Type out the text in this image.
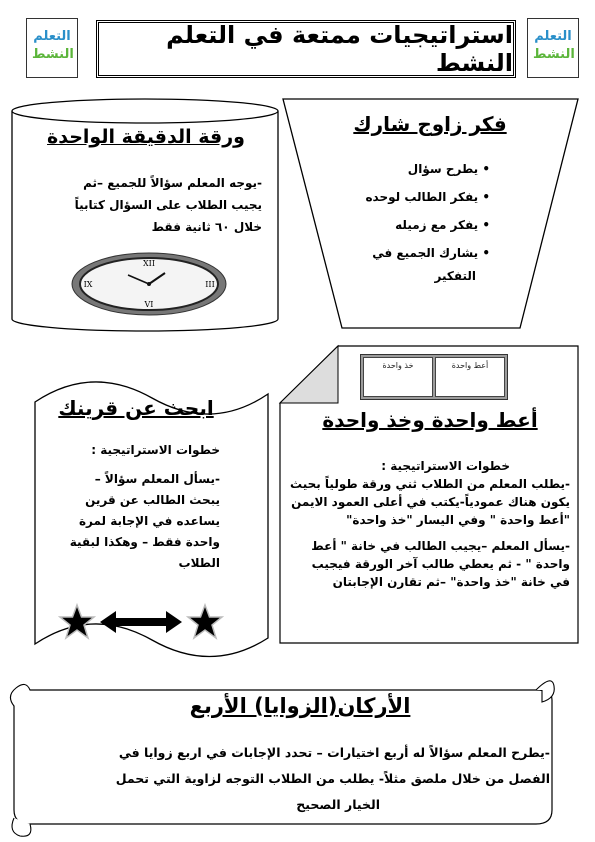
التعلم
النشط
استراتيجيات ممتعة في التعلم النشط
التعلم
النشط
ورقة الدقيقة الواحدة
-يوجه المعلم سؤالاً للجميع –ثم
يجيب الطلاب على السؤال كتابياً
خلال ٦٠ ثانية فقط
XII
III
VI
IX
فكر زاوج شارك
• يطرح سؤال
• يفكر الطالب لوحده
• يفكر مع زميله
• يشارك الجميع في
التفكير
خذ واحدة	أعط واحدة
أعط واحدة وخذ واحدة
خطوات الاستراتيجية :
-يطلب المعلم من الطلاب ثني ورقة طولياً بحيث
يكون هناك عمودياً-يكتب في أعلى العمود الايمن
"أعط واحدة " وفي اليسار "خذ واحدة"
-يسأل المعلم –يجيب الطالب في خانة " أعط
واحدة " - ثم يعطي طالب آخر الورقة فيجيب
في خانة "خذ واحدة" –ثم تقارن الإجابتان
ابحث عن قرينك
خطوات الاستراتيجية :
-يسأل المعلم سؤالاً –
يبحث الطالب عن قرين
يساعده في الإجابة لمرة
واحدة فقط – وهكذا لبقية
الطلاب
الأركان(الزوايا) الأربع
-يطرح المعلم سؤالاً له أربع اختيارات – تحدد الإجابات في اربع زوايا في
الفصل من خلال ملصق مثلاً- يطلب من الطلاب التوجه لزاوية التي تحمل
الخيار الصحيح
